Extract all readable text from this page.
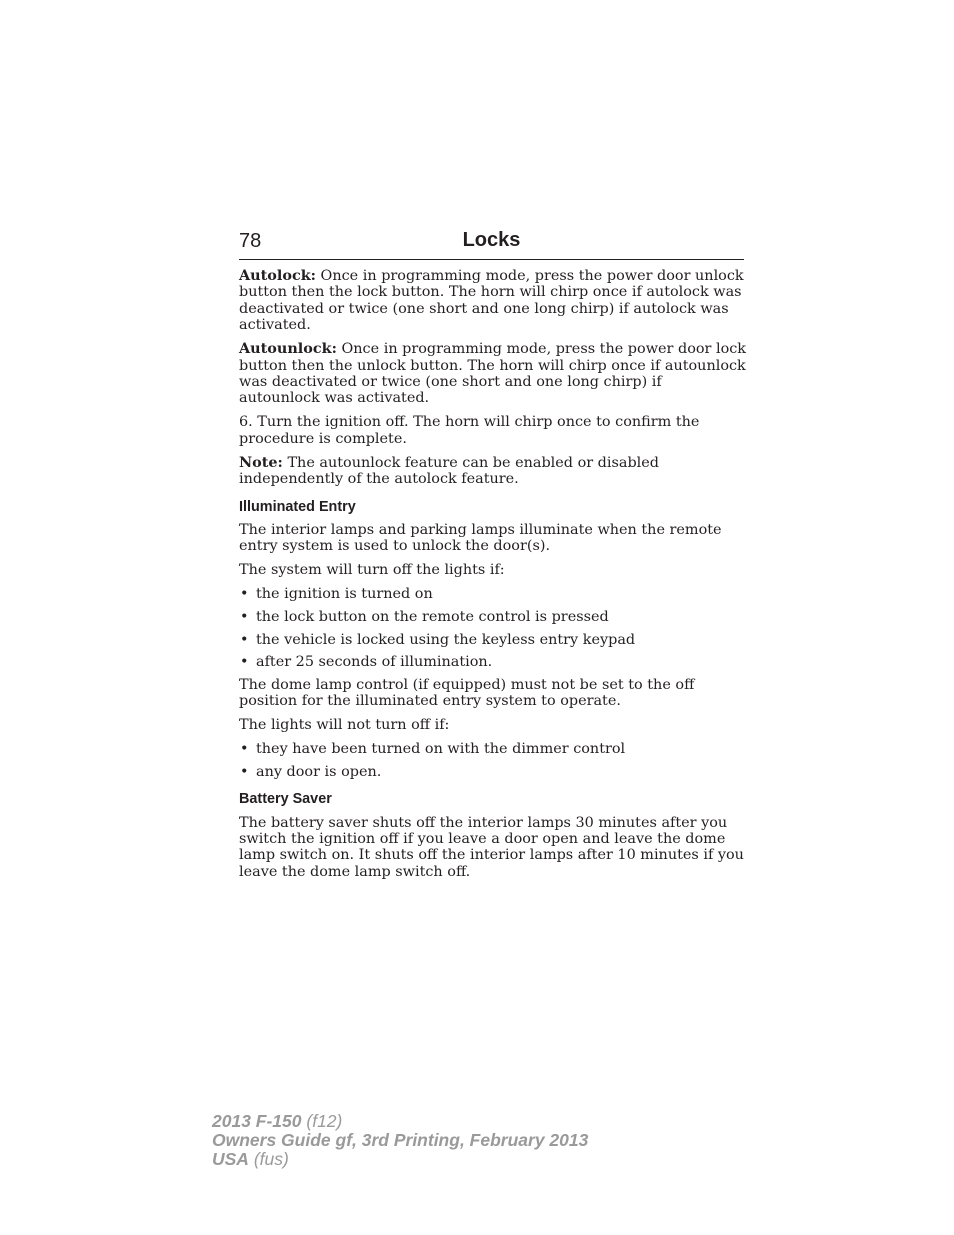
78	Locks

Autolock: Once in programming mode, press the power door unlock button then the lock button. The horn will chirp once if autolock was deactivated or twice (one short and one long chirp) if autolock was activated.

Autounlock: Once in programming mode, press the power door lock button then the unlock button. The horn will chirp once if autounlock was deactivated or twice (one short and one long chirp) if autounlock was activated.

6. Turn the ignition off. The horn will chirp once to confirm the procedure is complete.

Note: The autounlock feature can be enabled or disabled independently of the autolock feature.

Illuminated Entry

The interior lamps and parking lamps illuminate when the remote entry system is used to unlock the door(s).

The system will turn off the lights if:

• the ignition is turned on
• the lock button on the remote control is pressed
• the vehicle is locked using the keyless entry keypad
• after 25 seconds of illumination.

The dome lamp control (if equipped) must not be set to the off position for the illuminated entry system to operate.

The lights will not turn off if:

• they have been turned on with the dimmer control
• any door is open.
Battery Saver

The battery saver shuts off the interior lamps 30 minutes after you switch the ignition off if you leave a door open and leave the dome lamp switch on. It shuts off the interior lamps after 10 minutes if you leave the dome lamp switch off.

2013 F-150 (f12)
Owners Guide gf, 3rd Printing, February 2013
USA (fus)
